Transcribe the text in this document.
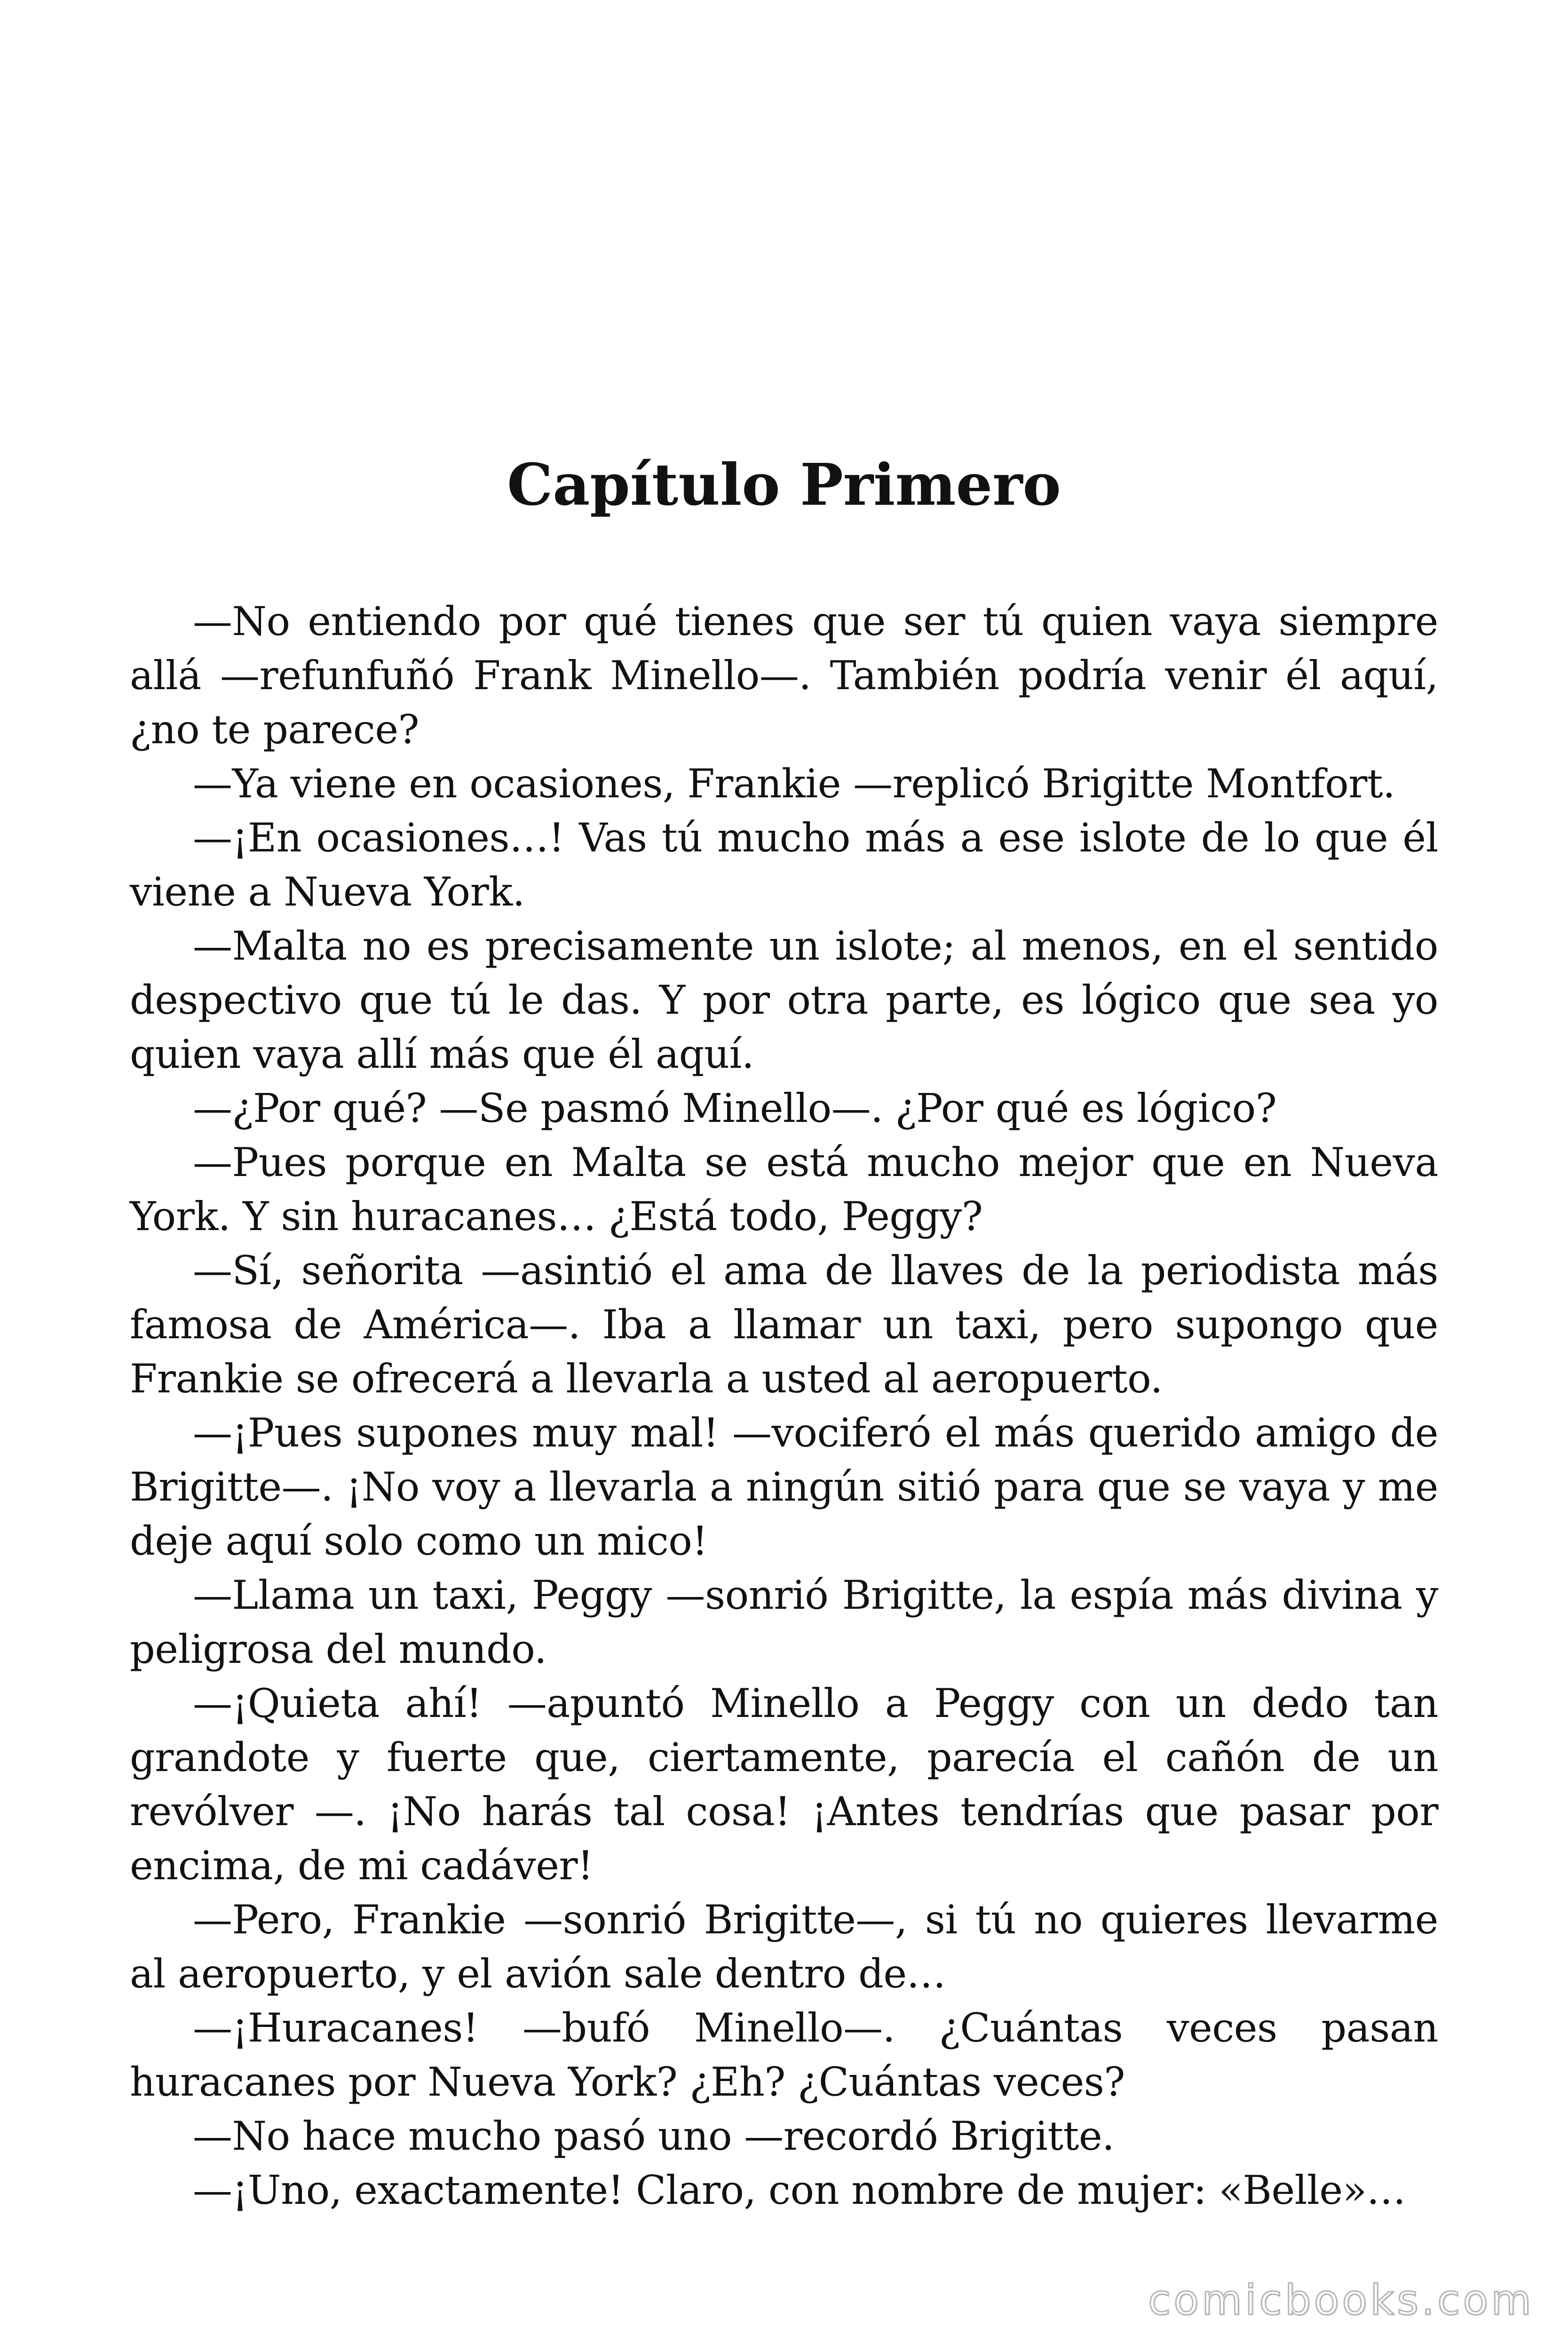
Capítulo Primero

—No entiendo por qué tienes que ser tú quien vaya siempre allá —refunfuñó Frank Minello—. También podría venir él aquí, ¿no te parece?

—Ya viene en ocasiones, Frankie —replicó Brigitte Montfort.

—¡En ocasiones…! Vas tú mucho más a ese islote de lo que él viene a Nueva York.

—Malta no es precisamente un islote; al menos, en el sentido despectivo que tú le das. Y por otra parte, es lógico que sea yo quien vaya allí más que él aquí.

—¿Por qué? —Se pasmó Minello—. ¿Por qué es lógico?

—Pues porque en Malta se está mucho mejor que en Nueva York. Y sin huracanes… ¿Está todo, Peggy?

—Sí, señorita —asintió el ama de llaves de la periodista más famosa de América—. Iba a llamar un taxi, pero supongo que Frankie se ofrecerá a llevarla a usted al aeropuerto.

—¡Pues supones muy mal! —vociferó el más querido amigo de Brigitte—. ¡No voy a llevarla a ningún sitió para que se vaya y me deje aquí solo como un mico!

—Llama un taxi, Peggy —sonrió Brigitte, la espía más divina y peligrosa del mundo.

—¡Quieta ahí! —apuntó Minello a Peggy con un dedo tan grandote y fuerte que, ciertamente, parecía el cañón de un revólver —. ¡No harás tal cosa! ¡Antes tendrías que pasar por encima, de mi cadáver!

—Pero, Frankie —sonrió Brigitte—, si tú no quieres llevarme al aeropuerto, y el avión sale dentro de…

—¡Huracanes! —bufó Minello—. ¿Cuántas veces pasan huracanes por Nueva York? ¿Eh? ¿Cuántas veces?

—No hace mucho pasó uno —recordó Brigitte.

—¡Uno, exactamente! Claro, con nombre de mujer: «Belle»…

comicbooks.com
